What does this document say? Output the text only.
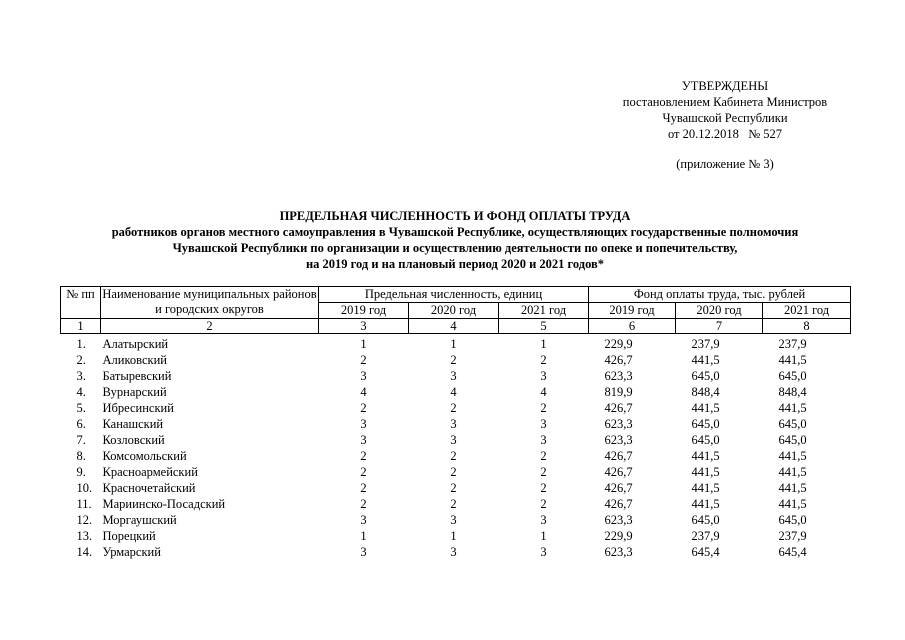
УТВЕРЖДЕНЫ
постановлением Кабинета Министров
Чувашской Республики
от 20.12.2018   № 527
(приложение № 3)
ПРЕДЕЛЬНАЯ ЧИСЛЕННОСТЬ И ФОНД ОПЛАТЫ ТРУДА
работников органов местного самоуправления в Чувашской Республике, осуществляющих государственные полномочия
Чувашской Республики по организации и осуществлению деятельности по опеке и попечительству,
на 2019 год и на плановый период 2020 и 2021 годов*
№ пп	Наименование муниципальных районов и городских округов	Предельная численность, единиц			Фонд оплаты труда, тыс. рублей		
		2019 год	2020 год	2021 год	2019 год	2020 год	2021 год
1	2	3	4	5	6	7	8
1.	Алатырский	1	1	1	229,9	237,9	237,9
2.	Аликовский	2	2	2	426,7	441,5	441,5
3.	Батыревский	3	3	3	623,3	645,0	645,0
4.	Вурнарский	4	4	4	819,9	848,4	848,4
5.	Ибресинский	2	2	2	426,7	441,5	441,5
6.	Канашский	3	3	3	623,3	645,0	645,0
7.	Козловский	3	3	3	623,3	645,0	645,0
8.	Комсомольский	2	2	2	426,7	441,5	441,5
9.	Красноармейский	2	2	2	426,7	441,5	441,5
10.	Красночетайский	2	2	2	426,7	441,5	441,5
11.	Мариинско-Посадский	2	2	2	426,7	441,5	441,5
12.	Моргаушский	3	3	3	623,3	645,0	645,0
13.	Порецкий	1	1	1	229,9	237,9	237,9
14.	Урмарский	3	3	3	623,3	645,4	645,4
